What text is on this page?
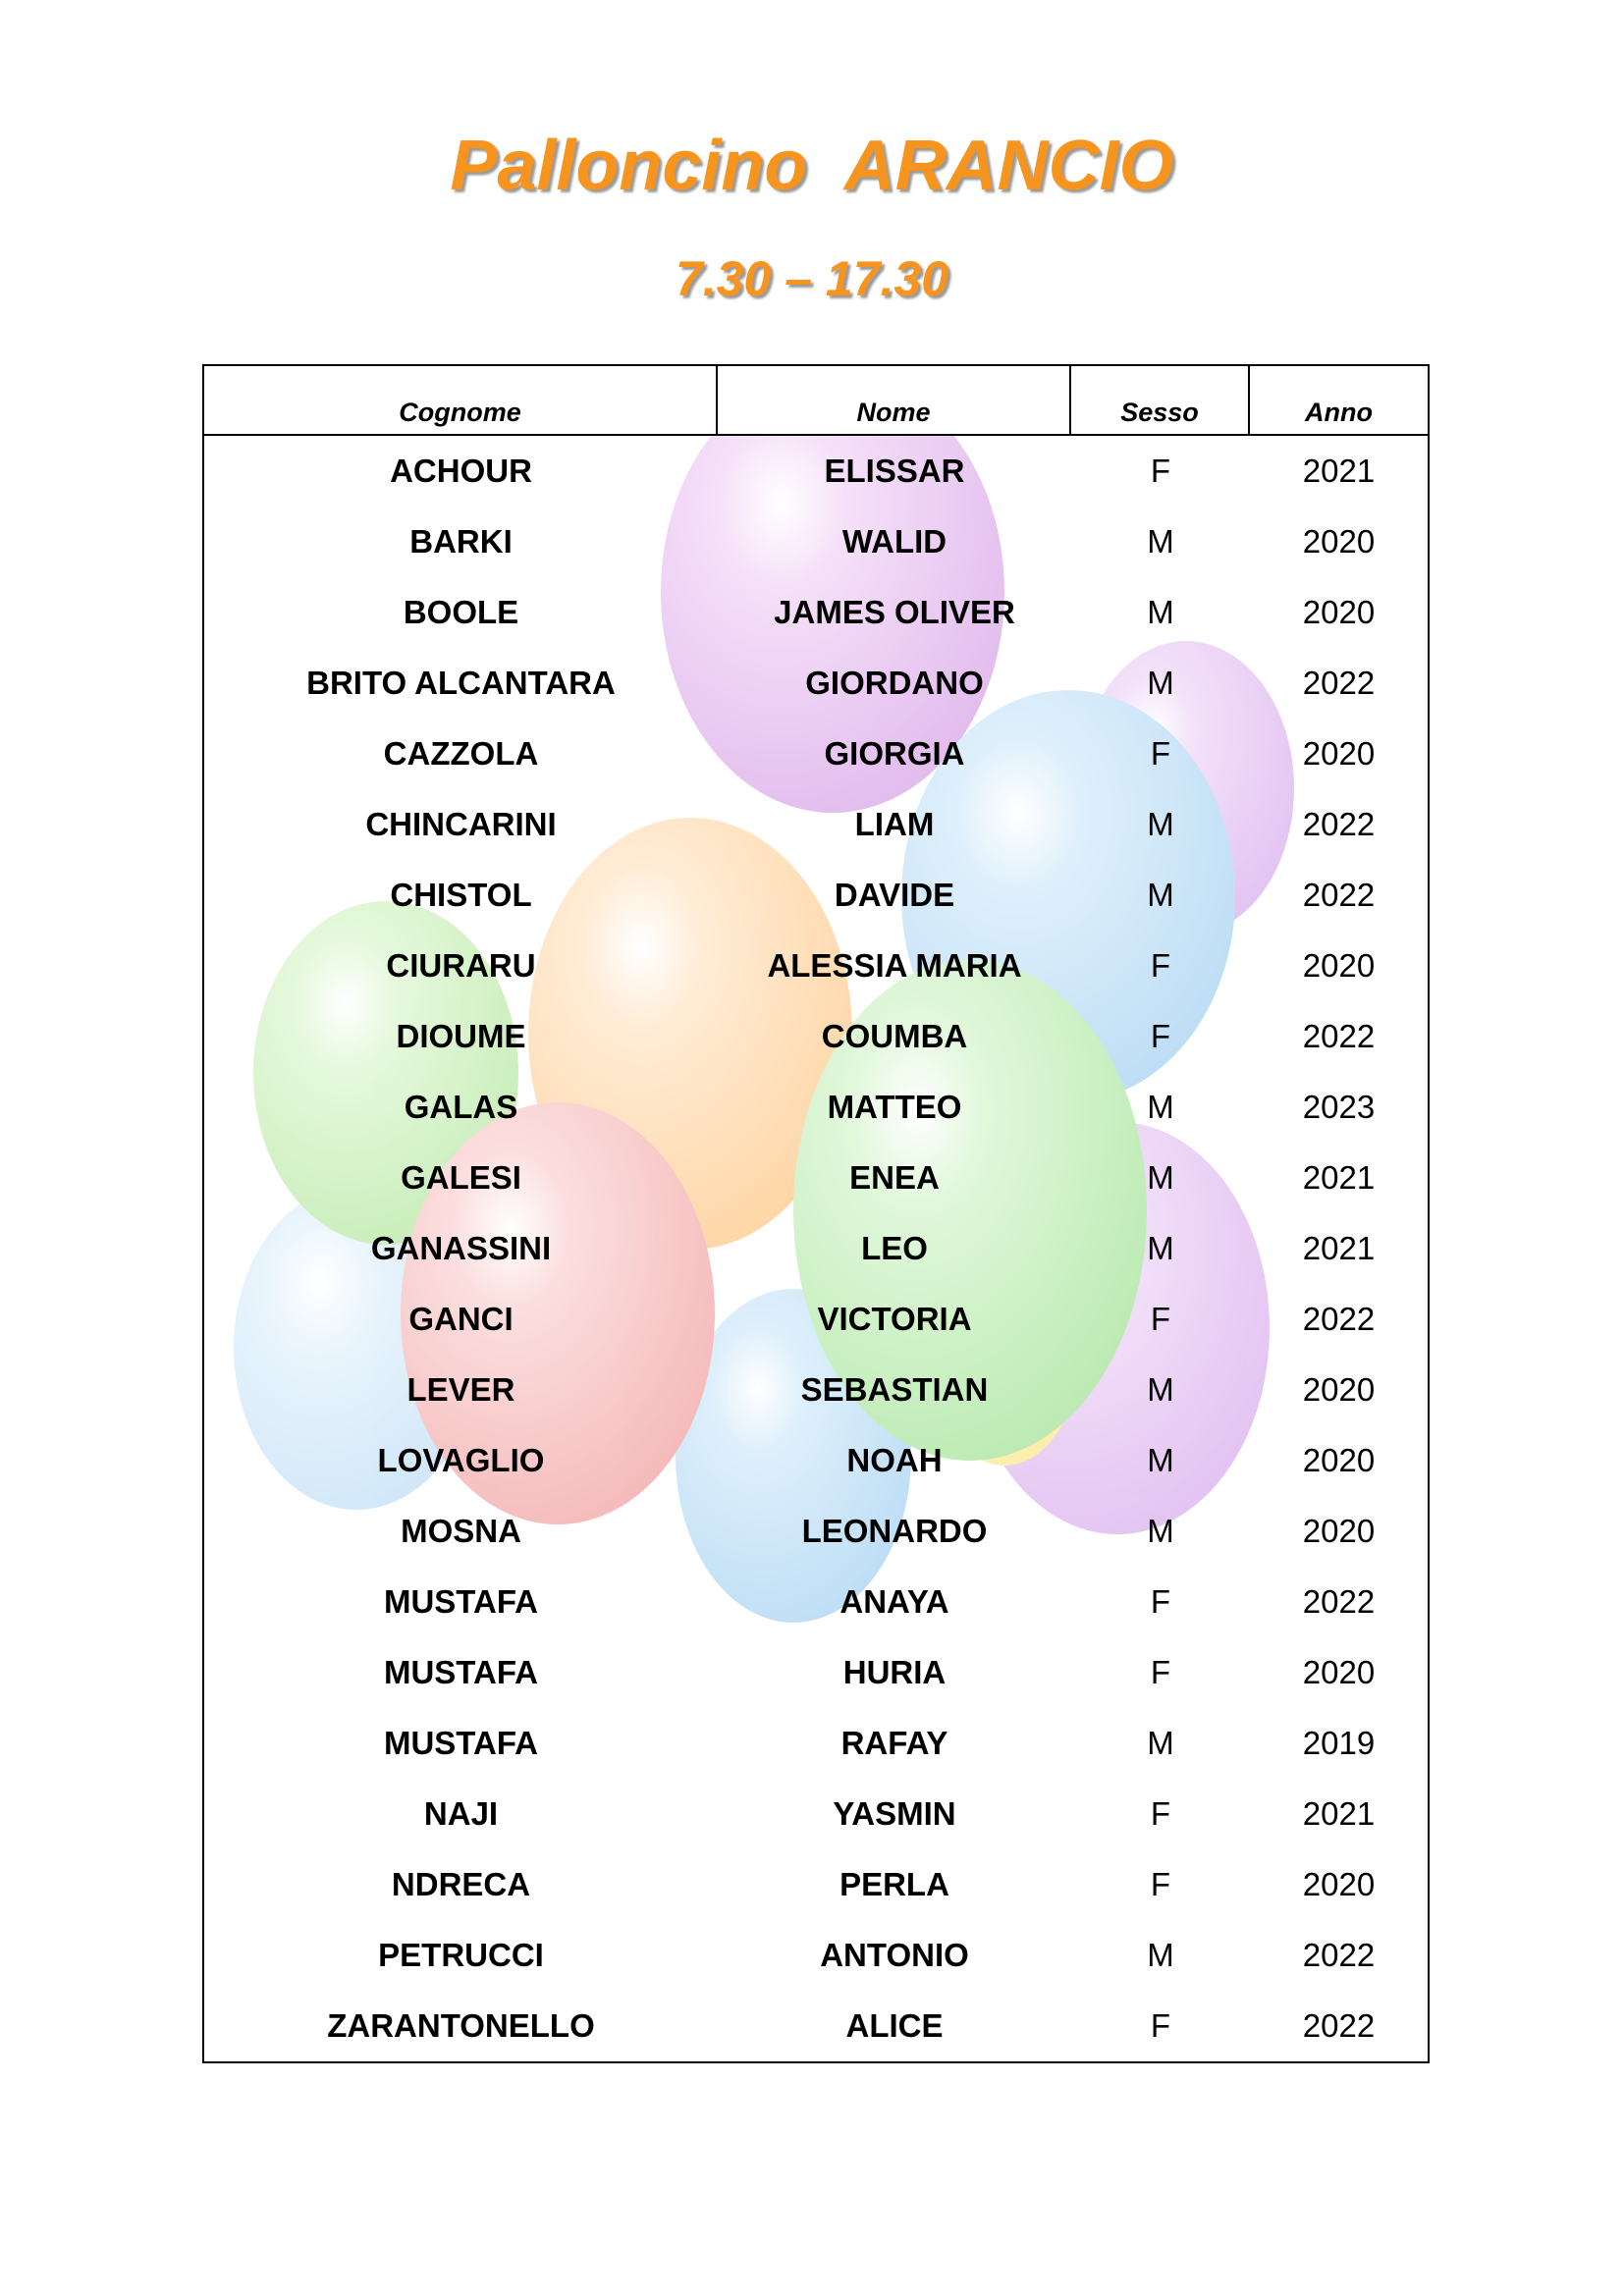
Palloncino  ARANCIO
7.30 – 17.30
Cognome	Nome	Sesso	Anno
ACHOUR	ELISSAR	F	2021
BARKI	WALID	M	2020
BOOLE	JAMES OLIVER	M	2020
BRITO ALCANTARA	GIORDANO	M	2022
CAZZOLA	GIORGIA	F	2020
CHINCARINI	LIAM	M	2022
CHISTOL	DAVIDE	M	2022
CIURARU	ALESSIA MARIA	F	2020
DIOUME	COUMBA	F	2022
GALAS	MATTEO	M	2023
GALESI	ENEA	M	2021
GANASSINI	LEO	M	2021
GANCI	VICTORIA	F	2022
LEVER	SEBASTIAN	M	2020
LOVAGLIO	NOAH	M	2020
MOSNA	LEONARDO	M	2020
MUSTAFA	ANAYA	F	2022
MUSTAFA	HURIA	F	2020
MUSTAFA	RAFAY	M	2019
NAJI	YASMIN	F	2021
NDRECA	PERLA	F	2020
PETRUCCI	ANTONIO	M	2022
ZARANTONELLO	ALICE	F	2022
